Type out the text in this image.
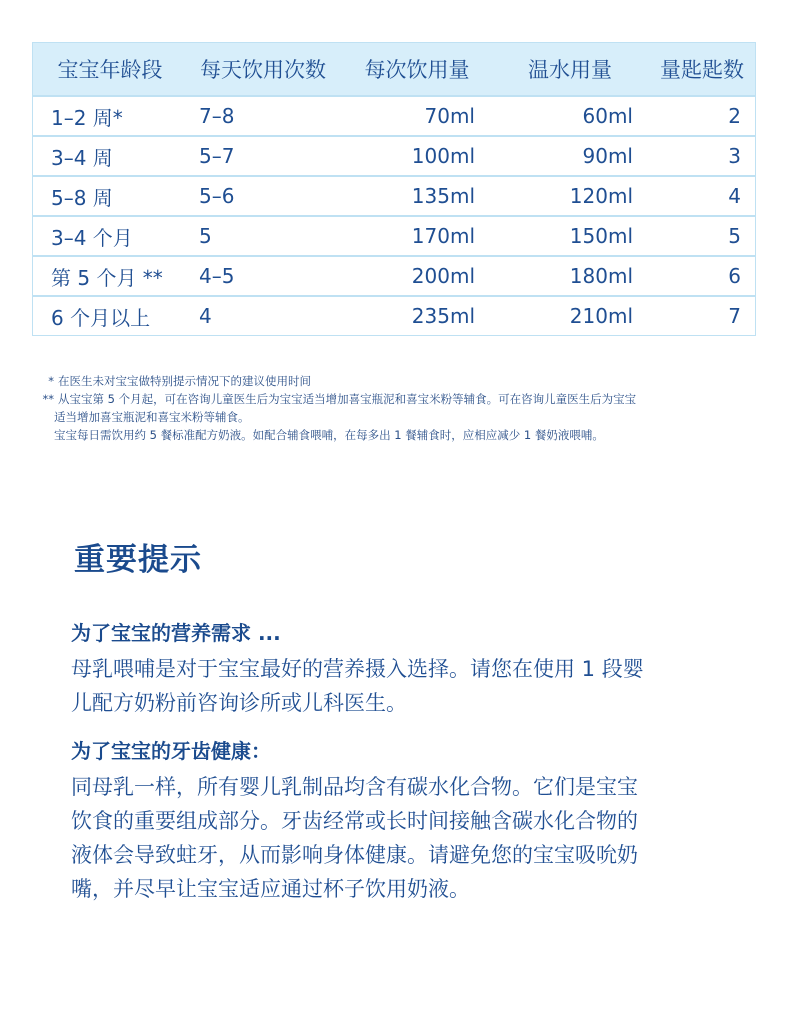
宝宝年龄段	每天饮用次数	每次饮用量	温水用量	量匙匙数
1–2 周*	7–8	70ml	60ml	2
3–4 周	5–7	100ml	90ml	3
5–8 周	5–6	135ml	120ml	4
3–4 个月	5	170ml	150ml	5
第 5 个月 **	4–5	200ml	180ml	6
6 个月以上	4	235ml	210ml	7
* 在医生未对宝宝做特别提示情况下的建议使用时间
** 从宝宝第 5 个月起，可在咨询儿童医生后为宝宝适当增加喜宝瓶泥和喜宝米粉等辅食。可在咨询儿童医生后为宝宝
适当增加喜宝瓶泥和喜宝米粉等辅食。
宝宝每日需饮用约 5 餐标准配方奶液。如配合辅食喂哺，在每多出 1 餐辅食时，应相应减少 1 餐奶液喂哺。
重要提示
为了宝宝的营养需求 ...
母乳喂哺是对于宝宝最好的营养摄入选择。请您在使用 1 段婴
儿配方奶粉前咨询诊所或儿科医生。
为了宝宝的牙齿健康：
同母乳一样，所有婴儿乳制品均含有碳水化合物。它们是宝宝
饮食的重要组成部分。牙齿经常或长时间接触含碳水化合物的
液体会导致蛀牙，从而影响身体健康。请避免您的宝宝吸吮奶
嘴，并尽早让宝宝适应通过杯子饮用奶液。
